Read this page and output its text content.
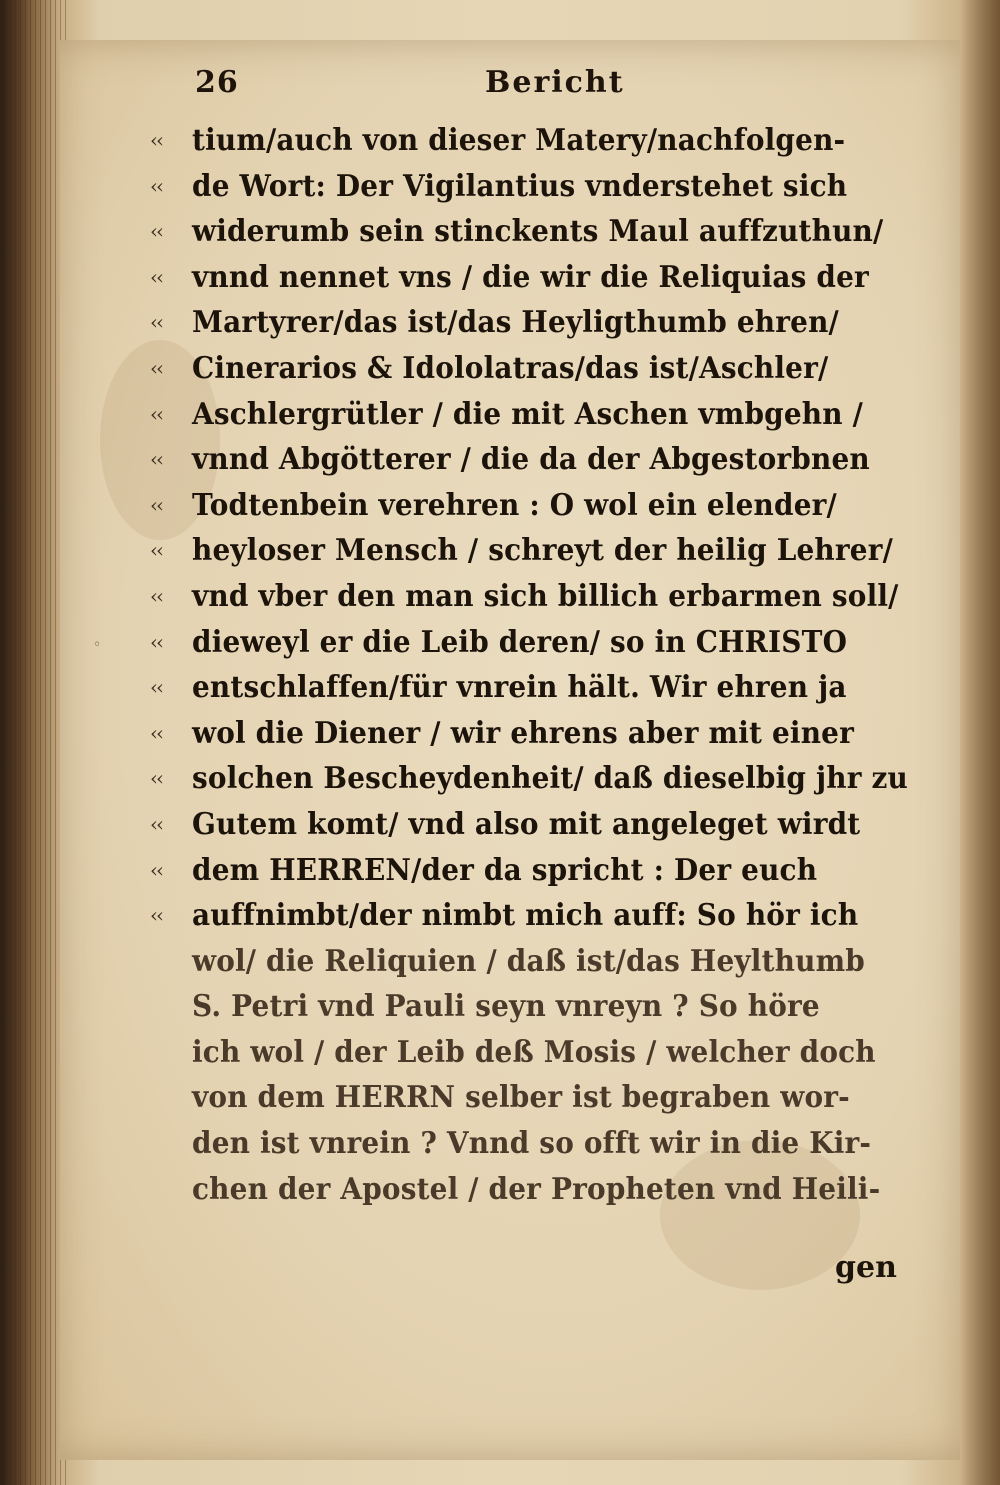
26	Bericht
◦
‹‹	tium/auch von dieser Matery/nachfolgen‑
‹‹	de Wort: Der Vigilantius vnderstehet sich
‹‹	widerumb sein stinckents Maul auffzuthun/
‹‹	vnnd nennet vns / die wir die Reliquias der
‹‹	Martyrer/das ist/das Heyligthumb ehren/
‹‹	Cinerarios & Idololatras/das ist/Aschler/
‹‹	Aschlergrütler / die mit Aschen vmbgehn /
‹‹	vnnd Abgötterer / die da der Abgestorbnen
‹‹	Todtenbein verehren : O wol ein elender/
‹‹	heyloser Mensch / schreyt der heilig Lehrer/
‹‹	vnd vber den man sich billich erbarmen soll/
‹‹	dieweyl er die Leib deren/ so in CHRISTO
‹‹	entschlaffen/für vnrein hält. Wir ehren ja
‹‹	wol die Diener / wir ehrens aber mit einer
‹‹	solchen Bescheydenheit/ daß dieselbig jhr zu
‹‹	Gutem komt/ vnd also mit angeleget wirdt
‹‹	dem HERREN/der da spricht : Der euch
‹‹	auffnimbt/der nimbt mich auff: So hör ich
wol/ die Reliquien / daß ist/das Heylthumb
S. Petri vnd Pauli seyn vnreyn ? So höre
ich wol / der Leib deß Mosis / welcher doch
von dem HERRN selber ist begraben wor‑
den ist vnrein ? Vnnd so offt wir in die Kir‑
chen der Apostel / der Propheten vnd Heili‑
gen
